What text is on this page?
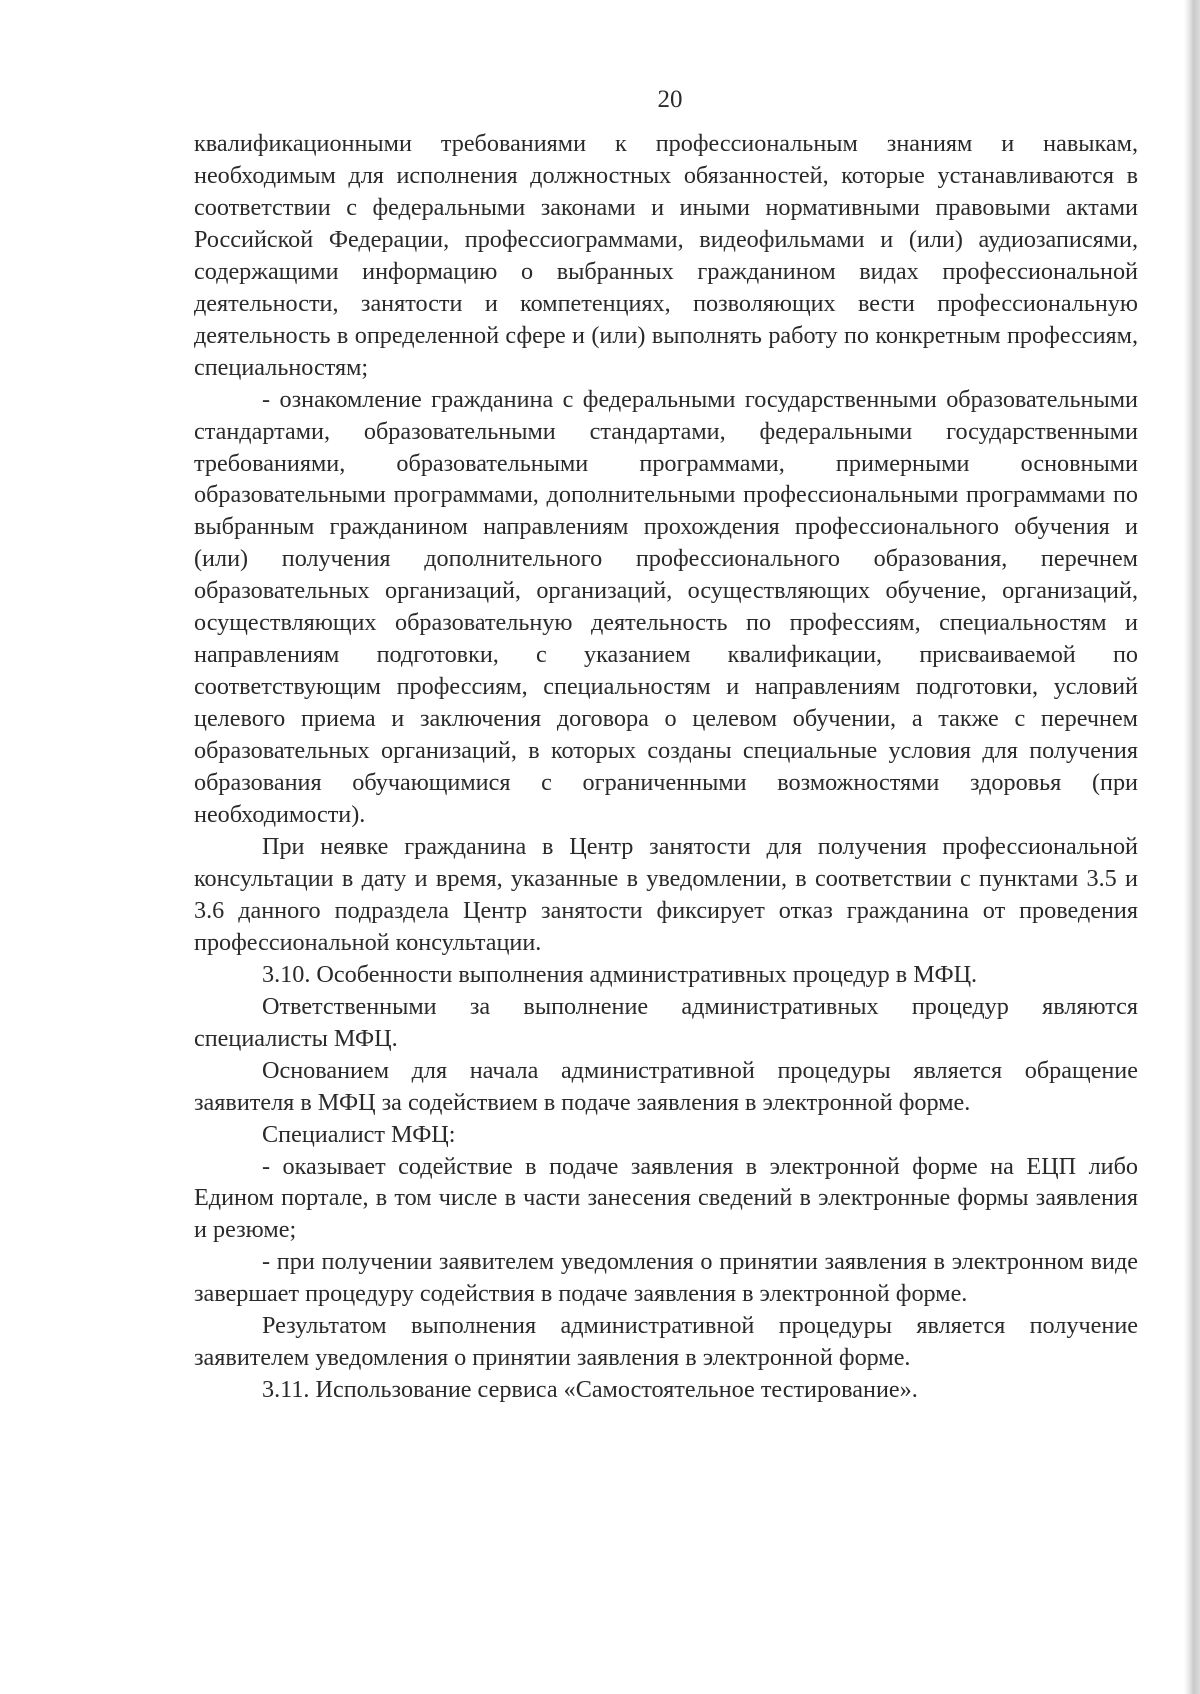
20

квалификационными требованиями к профессиональным знаниям и навыкам, необходимым для исполнения должностных обязанностей, которые устанавливаются в соответствии с федеральными законами и иными нормативными правовыми актами Российской Федерации, профессиограммами, видеофильмами и (или) аудиозаписями, содержащими информацию о выбранных гражданином видах профессиональной деятельности, занятости и компетенциях, позволяющих вести профессиональную деятельность в определенной сфере и (или) выполнять работу по конкретным профессиям, специальностям;

- ознакомление гражданина с федеральными государственными образовательными стандартами, образовательными стандартами, федеральными государственными требованиями, образовательными программами, примерными основными образовательными программами, дополнительными профессиональными программами по выбранным гражданином направлениям прохождения профессионального обучения и (или) получения дополнительного профессионального образования, перечнем образовательных организаций, организаций, осуществляющих обучение, организаций, осуществляющих образовательную деятельность по профессиям, специальностям и направлениям подготовки, с указанием квалификации, присваиваемой по соответствующим профессиям, специальностям и направлениям подготовки, условий целевого приема и заключения договора о целевом обучении, а также с перечнем образовательных организаций, в которых созданы специальные условия для получения образования обучающимися с ограниченными возможностями здоровья (при необходимости).

При неявке гражданина в Центр занятости для получения профессиональной консультации в дату и время, указанные в уведомлении, в соответствии с пунктами 3.5 и 3.6 данного подраздела Центр занятости фиксирует отказ гражданина от проведения профессиональной консультации.

3.10. Особенности выполнения административных процедур в МФЦ.

Ответственными за выполнение административных процедур являются специалисты МФЦ.

Основанием для начала административной процедуры является обращение заявителя в МФЦ за содействием в подаче заявления в электронной форме.

Специалист МФЦ:

- оказывает содействие в подаче заявления в электронной форме на ЕЦП либо Едином портале, в том числе в части занесения сведений в электронные формы заявления и резюме;

- при получении заявителем уведомления о принятии заявления в электронном виде завершает процедуру содействия в подаче заявления в электронной форме.

Результатом выполнения административной процедуры является получение заявителем уведомления о принятии заявления в электронной форме.

3.11. Использование сервиса «Самостоятельное тестирование».
